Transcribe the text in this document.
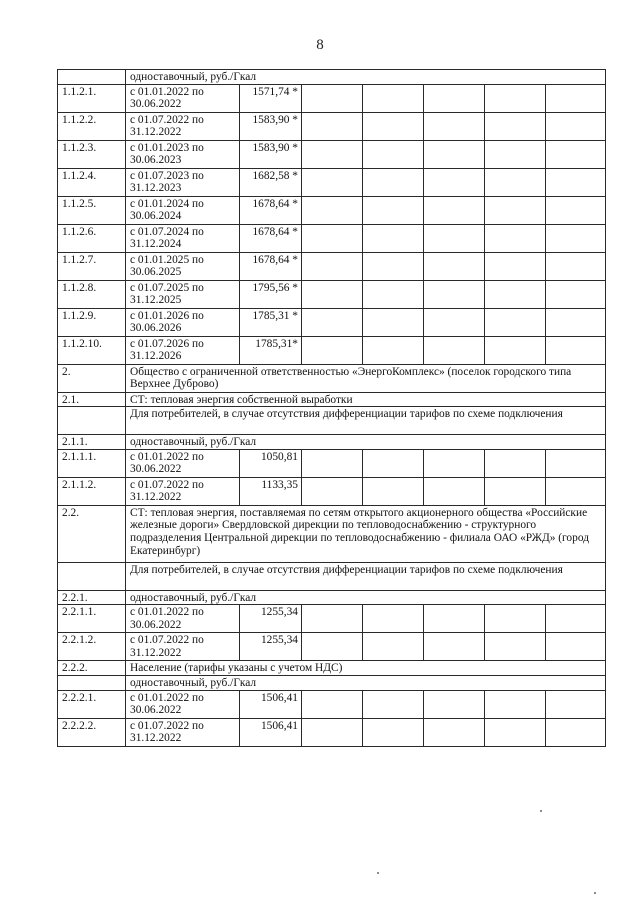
8
	одноставочный, руб./Гкал						
1.1.2.1.	с 01.01.2022 по 30.06.2022	1571,74 *					
1.1.2.2.	с 01.07.2022 по 31.12.2022	1583,90 *					
1.1.2.3.	с 01.01.2023 по 30.06.2023	1583,90 *					
1.1.2.4.	с 01.07.2023 по 31.12.2023	1682,58 *					
1.1.2.5.	с 01.01.2024 по 30.06.2024	1678,64 *					
1.1.2.6.	с 01.07.2024 по 31.12.2024	1678,64 *					
1.1.2.7.	с 01.01.2025 по 30.06.2025	1678,64 *					
1.1.2.8.	с 01.07.2025 по 31.12.2025	1795,56 *					
1.1.2.9.	с 01.01.2026 по 30.06.2026	1785,31 *					
1.1.2.10.	с 01.07.2026 по 31.12.2026	1785,31*					
2.	Общество с ограниченной ответственностью «ЭнергоКомплекс» (поселок городского типа Верхнее Дуброво)						
2.1.	СТ: тепловая энергия собственной выработки						
	Для потребителей, в случае отсутствия дифференциации тарифов по схеме подключения						
2.1.1.	одноставочный, руб./Гкал						
2.1.1.1.	с 01.01.2022 по 30.06.2022	1050,81					
2.1.1.2.	с 01.07.2022 по 31.12.2022	1133,35					
2.2.	СТ: тепловая энергия, поставляемая по сетям открытого акционерного общества «Российские железные дороги» Свердловской дирекции по тепловодоснабжению - структурного подразделения Центральной дирекции по тепловодоснабжению - филиала ОАО «РЖД» (город Екатеринбург)						
	Для потребителей, в случае отсутствия дифференциации тарифов по схеме подключения						
2.2.1.	одноставочный, руб./Гкал						
2.2.1.1.	с 01.01.2022 по 30.06.2022	1255,34					
2.2.1.2.	с 01.07.2022 по 31.12.2022	1255,34					
2.2.2.	Население (тарифы указаны с учетом НДС)						
	одноставочный, руб./Гкал						
2.2.2.1.	с 01.01.2022 по 30.06.2022	1506,41					
2.2.2.2.	с 01.07.2022 по 31.12.2022	1506,41					
